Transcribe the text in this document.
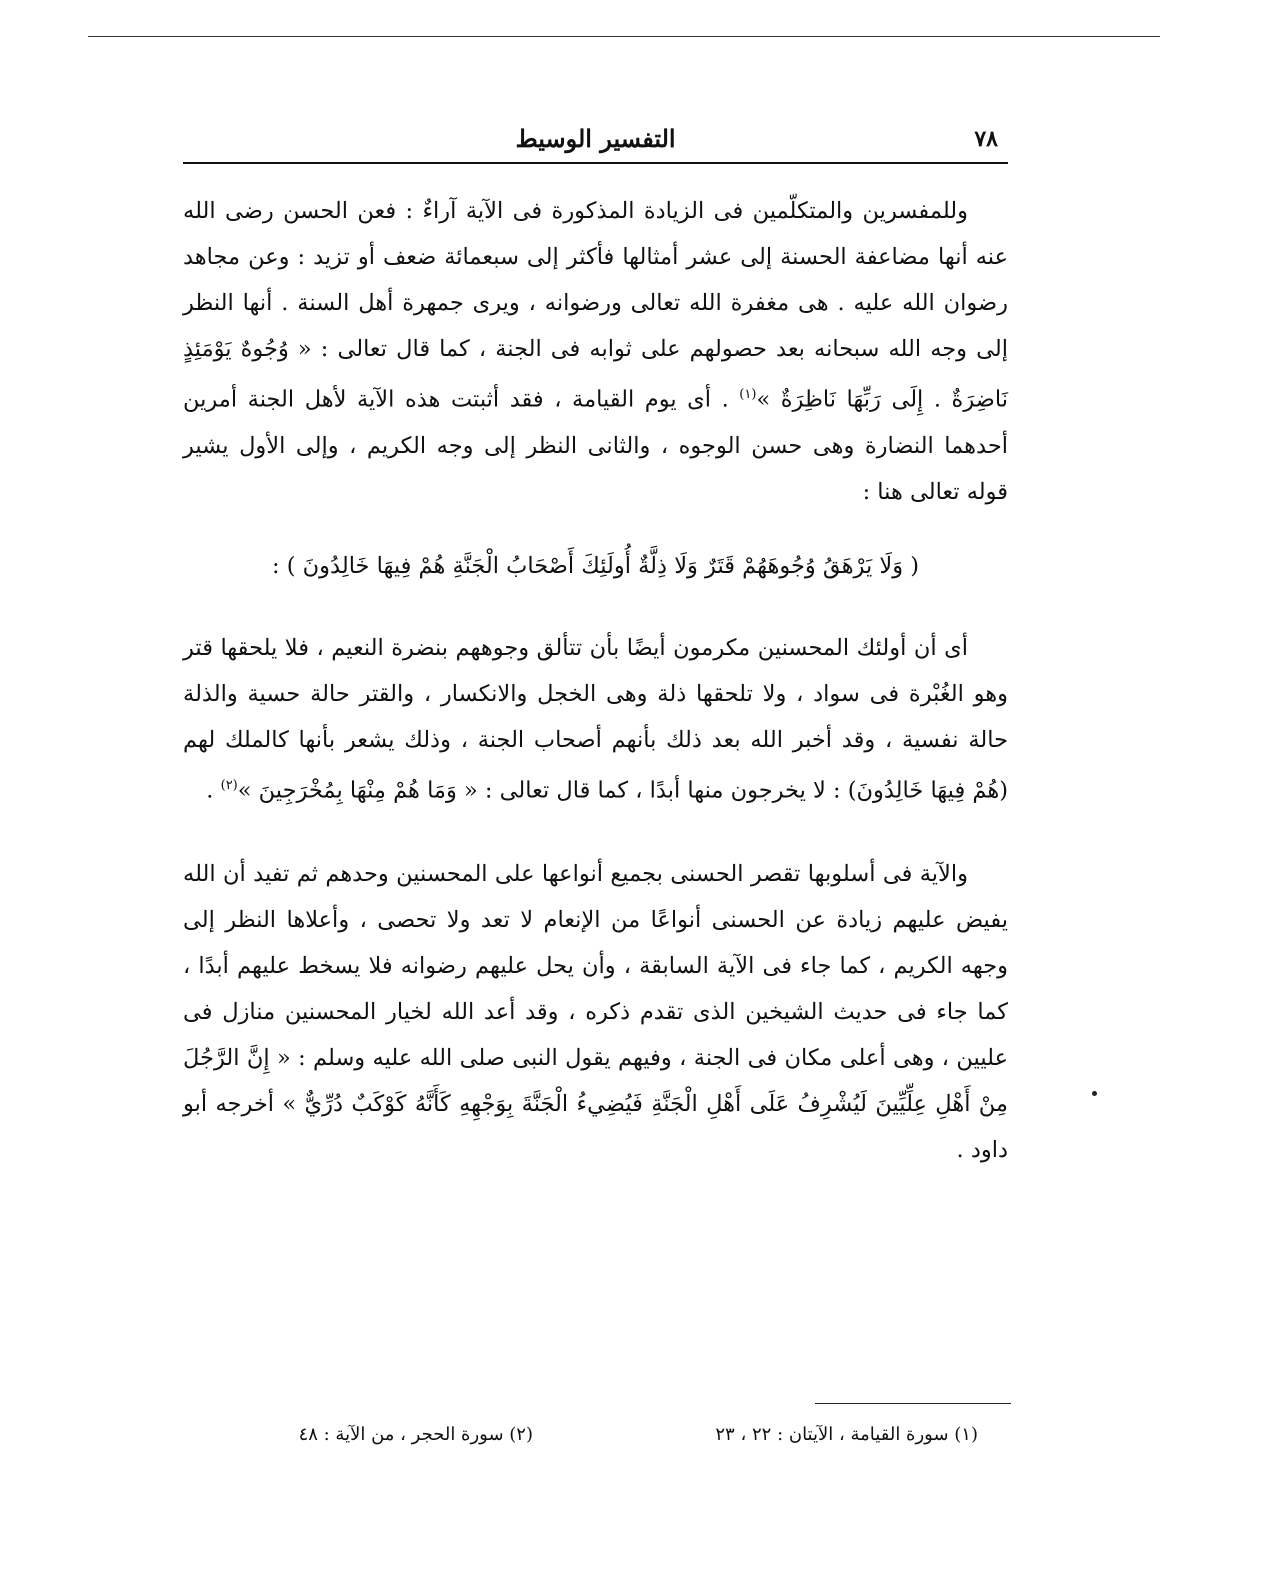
٧٨
التفسير الوسيط

وللمفسرين والمتكلّمين فى الزيادة المذكورة فى الآية آراءٌ : فعن الحسن رضى الله عنه أنها مضاعفة الحسنة إلى عشر أمثالها فأكثر إلى سبعمائة ضعف أو تزيد : وعن مجاهد رضوان الله عليه . هى مغفرة الله تعالى ورضوانه ، ويرى جمهرة أهل السنة . أنها النظر إلى وجه الله سبحانه بعد حصولهم على ثوابه فى الجنة ، كما قال تعالى : « وُجُوهٌ يَوْمَئِذٍ نَاضِرَةٌ . إِلَى رَبِّهَا نَاظِرَةٌ »$^{(١)}$ . أى يوم القيامة ، فقد أثبتت هذه الآية لأهل الجنة أمرين أحدهما النضارة وهى حسن الوجوه ، والثانى النظر إلى وجه الكريم ، وإلى الأول يشير قوله تعالى هنا :

( وَلَا يَرْهَقُ وُجُوهَهُمْ قَتَرٌ وَلَا ذِلَّةٌ أُولَئِكَ أَصْحَابُ الْجَنَّةِ هُمْ فِيهَا خَالِدُونَ ) :

أى أن أولئك المحسنين مكرمون أيضًا بأن تتألق وجوههم بنضرة النعيم ، فلا يلحقها قتر وهو الغُبْرة فى سواد ، ولا تلحقها ذلة وهى الخجل والانكسار ، والقتر حالة حسية والذلة حالة نفسية ، وقد أخبر الله بعد ذلك بأنهم أصحاب الجنة ، وذلك يشعر بأنها كالملك لهم (هُمْ فِيهَا خَالِدُونَ) : لا يخرجون منها أبدًا ، كما قال تعالى : « وَمَا هُمْ مِنْهَا بِمُخْرَجِينَ »$^{(٢)}$ .

والآية فى أسلوبها تقصر الحسنى بجميع أنواعها على المحسنين وحدهم ثم تفيد أن الله يفيض عليهم زيادة عن الحسنى أنواعًا من الإنعام لا تعد ولا تحصى ، وأعلاها النظر إلى وجهه الكريم ، كما جاء فى الآية السابقة ، وأن يحل عليهم رضوانه فلا يسخط عليهم أبدًا ، كما جاء فى حديث الشيخين الذى تقدم ذكره ، وقد أعد الله لخيار المحسنين منازل فى عليين ، وهى أعلى مكان فى الجنة ، وفيهم يقول النبى صلى الله عليه وسلم : « إِنَّ الرَّجُلَ مِنْ أَهْلِ عِلِّيِّينَ لَيُشْرِفُ عَلَى أَهْلِ الْجَنَّةِ فَيُضِيءُ الْجَنَّةَ بِوَجْهِهِ كَأَنَّهُ كَوْكَبٌ دُرِّيٌّ » أخرجه أبو داود .

(١) سورة القيامة ، الآيتان : ٢٢ ، ٢٣
(٢) سورة الحجر ، من الآية : ٤٨
